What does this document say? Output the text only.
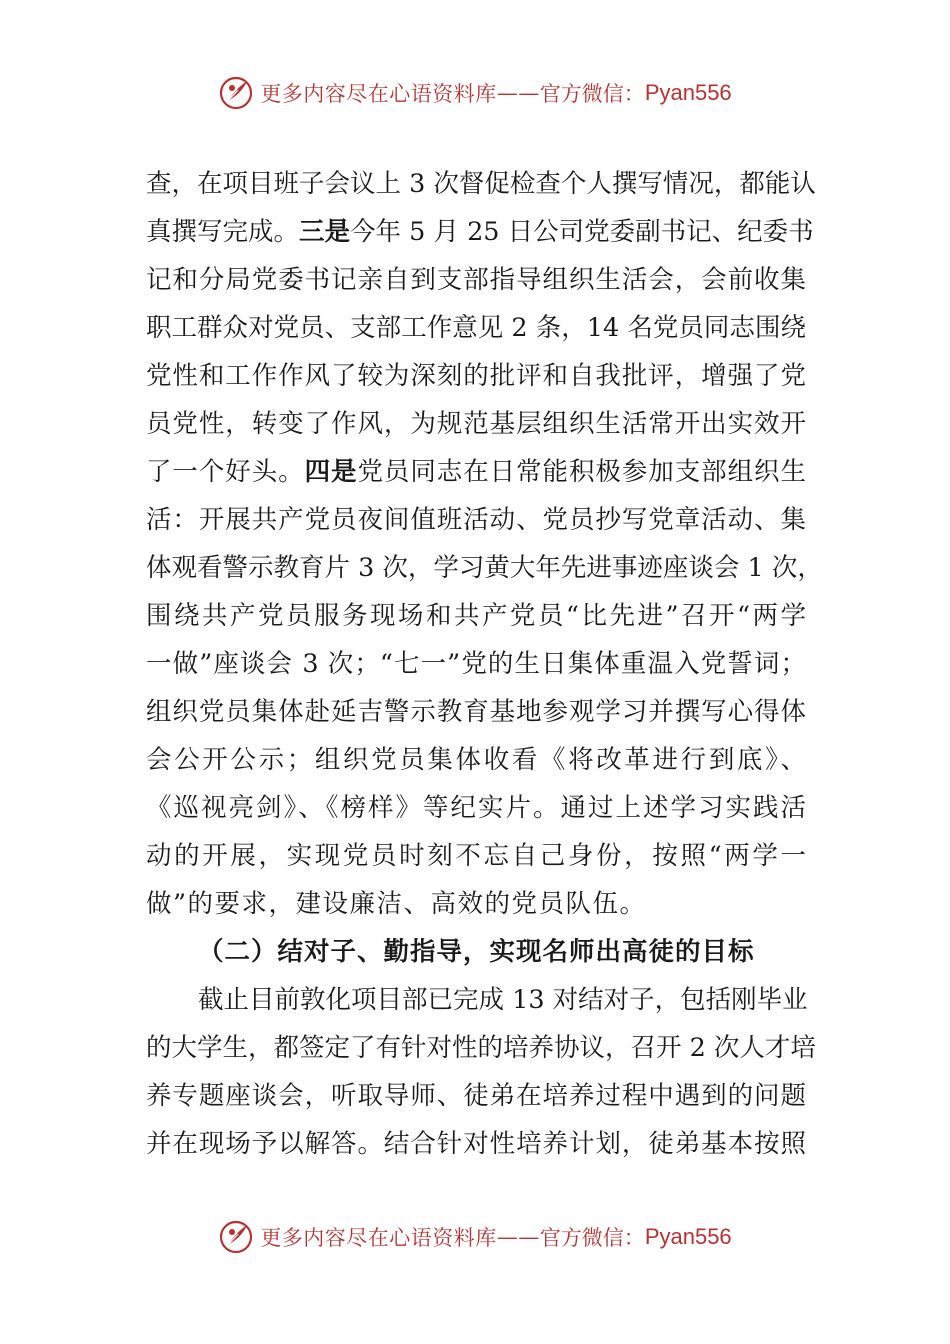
更多内容尽在心语资料库 —— 官方微信： Pyan556
查，在项目班子会议上 3 次督促检查个人撰写情况，都能认
真撰写完成。三是今年 5 月 25 日公司党委副书记、纪委书
记和分局党委书记亲自到支部指导组织生活会，会前收集
职工群众对党员、支部工作意见 2 条，14 名党员同志围绕
党性和工作作风了较为深刻的批评和自我批评，增强了党
员党性，转变了作风，为规范基层组织生活常开出实效开
了一个好头。四是党员同志在日常能积极参加支部组织生
活：开展共产党员夜间值班活动、党员抄写党章活动、集
体观看警示教育片 3 次，学习黄大年先进事迹座谈会 1 次，
围绕共产党员服务现场和共产党员“比先进”召开“两学
一做”座谈会 3 次；“七一”党的生日集体重温入党誓词；
组织党员集体赴延吉警示教育基地参观学习并撰写心得体
会公开公示；组织党员集体收看《将改革进行到底》、
《巡视亮剑》、《榜样》等纪实片。通过上述学习实践活
动的开展，实现党员时刻不忘自己身份，按照“两学一
做”的要求，建设廉洁、高效的党员队伍。
（二）结对子、勤指导，实现名师出高徒的目标
截止目前敦化项目部已完成 13 对结对子，包括刚毕业
的大学生，都签定了有针对性的培养协议，召开 2 次人才培
养专题座谈会，听取导师、徒弟在培养过程中遇到的问题
并在现场予以解答。结合针对性培养计划，徒弟基本按照
更多内容尽在心语资料库 —— 官方微信： Pyan556
